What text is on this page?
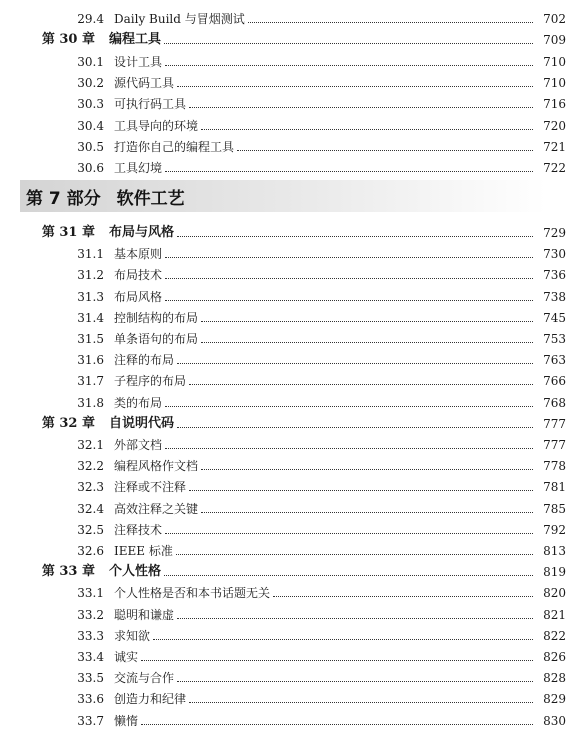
第 7 部分 软件工艺
29.4 Daily Build 与冒烟测试	702
第 30 章	编程工具	709
30.1 设计工具	710
30.2 源代码工具	710
30.3 可执行码工具	716
30.4 工具导向的环境	720
30.5 打造你自己的编程工具	721
30.6 工具幻境	722
第 31 章	布局与风格	729
31.1 基本原则	730
31.2 布局技术	736
31.3 布局风格	738
31.4 控制结构的布局	745
31.5 单条语句的布局	753
31.6 注释的布局	763
31.7 子程序的布局	766
31.8 类的布局	768
第 32 章	自说明代码	777
32.1 外部文档	777
32.2 编程风格作文档	778
32.3 注释或不注释	781
32.4 高效注释之关键	785
32.5 注释技术	792
32.6 IEEE 标准	813
第 33 章	个人性格	819
33.1 个人性格是否和本书话题无关	820
33.2 聪明和谦虚	821
33.3 求知欲	822
33.4 诚实	826
33.5 交流与合作	828
33.6 创造力和纪律	829
33.7 懒惰	830
